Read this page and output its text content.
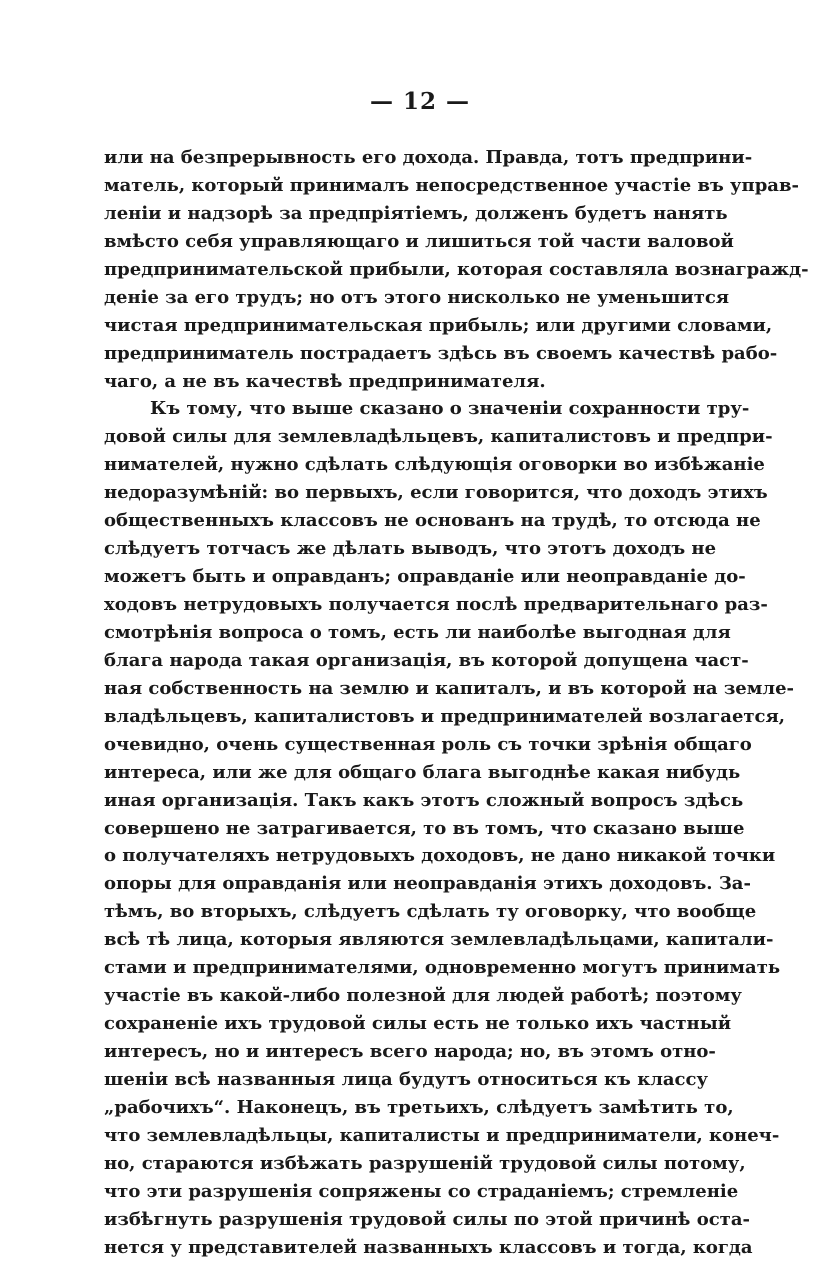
— 12 —
или на безпрерывность его дохода. Правда, тотъ предприни-
матель, который принималъ непосредственное участіе въ управ-
леніи и надзорѣ за предпріятіемъ, долженъ будетъ нанять
вмѣсто себя управляющаго и лишиться той части валовой
предпринимательской прибыли, которая составляла вознагражд-
деніе за его трудъ; но отъ этого нисколько не уменьшится
чистая предпринимательская прибыль; или другими словами,
предприниматель пострадаетъ здѣсь въ своемъ качествѣ рабо-
чаго, а не въ качествѣ предпринимателя.
Къ тому, что выше сказано о значеніи сохранности тру-
довой силы для землевладѣльцевъ, капиталистовъ и предпри-
нимателей, нужно сдѣлать слѣдующія оговорки во избѣжаніе
недоразумѣній: во первыхъ, если говорится, что доходъ этихъ
общественныхъ классовъ не основанъ на трудѣ, то отсюда не
слѣдуетъ тотчасъ же дѣлать выводъ, что этотъ доходъ не
можетъ быть и оправданъ; оправданіе или неоправданіе до-
ходовъ нетрудовыхъ получается послѣ предварительнаго раз-
смотрѣнія вопроса о томъ, есть ли наиболѣе выгодная для
блага народа такая организація, въ которой допущена част-
ная собственность на землю и капиталъ, и въ которой на земле-
владѣльцевъ, капиталистовъ и предпринимателей возлагается,
очевидно, очень существенная роль съ точки зрѣнія общаго
интереса, или же для общаго блага выгоднѣе какая нибудь
иная организація. Такъ какъ этотъ сложный вопросъ здѣсь
совершено не затрагивается, то въ томъ, что сказано выше
о получателяхъ нетрудовыхъ доходовъ, не дано никакой точки
опоры для оправданія или неоправданія этихъ доходовъ. За-
тѣмъ, во вторыхъ, слѣдуетъ сдѣлать ту оговорку, что вообще
всѣ тѣ лица, которыя являются землевладѣльцами, капитали-
стами и предпринимателями, одновременно могутъ принимать
участіе въ какой-либо полезной для людей работѣ; поэтому
сохраненіе ихъ трудовой силы есть не только ихъ частный
интересъ, но и интересъ всего народа; но, въ этомъ отно-
шеніи всѣ названныя лица будутъ относиться къ классу
„рабочихъ“. Наконецъ, въ третьихъ, слѣдуетъ замѣтить то,
что землевладѣльцы, капиталисты и предприниматели, конеч-
но, стараются избѣжать разрушеній трудовой силы потому,
что эти разрушенія сопряжены со страданіемъ; стремленіе
избѣгнуть разрушенія трудовой силы по этой причинѣ оста-
нется у представителей названныхъ классовъ и тогда, когда
